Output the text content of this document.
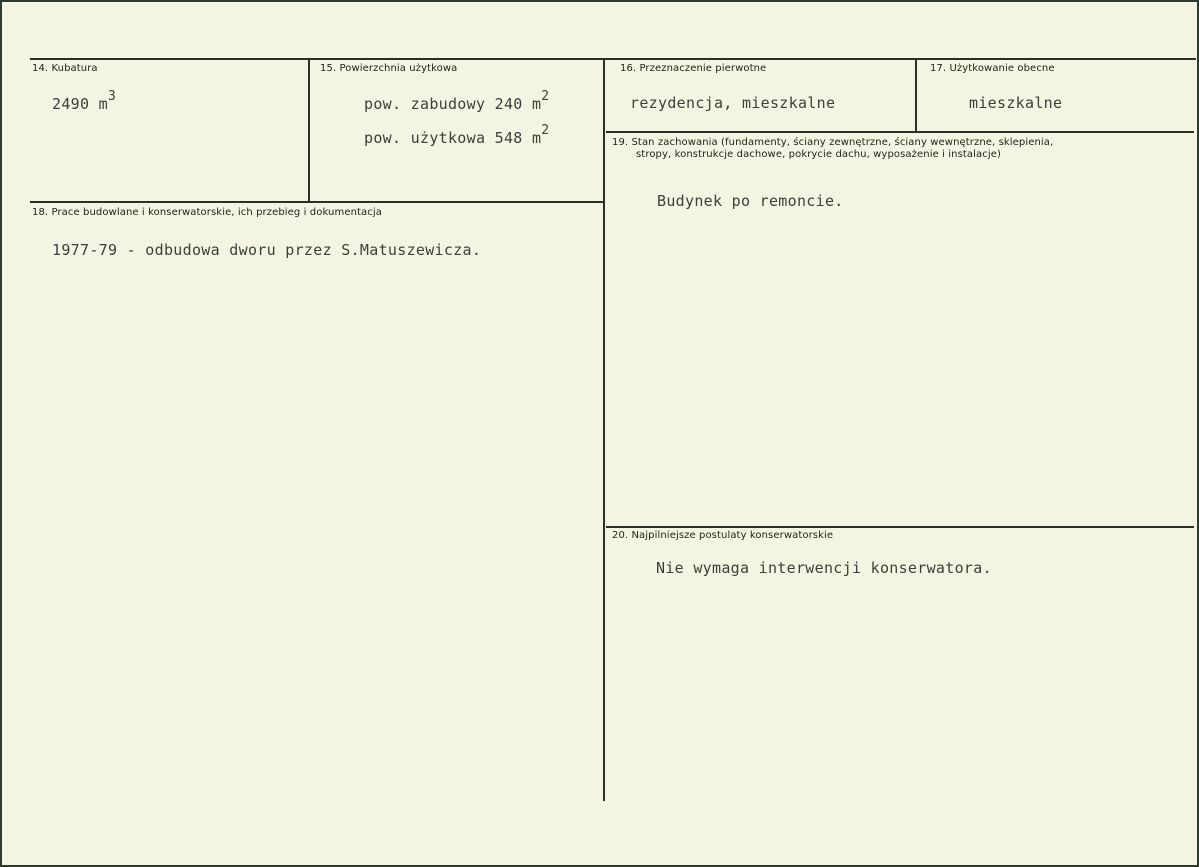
14. Kubatura
2490 $m^3$
15. Powierzchnia użytkowa
pow. zabudowy 240 $m^2$
pow. użytkowa 548 $m^2$
16. Przeznaczenie pierwotne
rezydencja, mieszkalne
17. Użytkowanie obecne
mieszkalne
18. Prace budowlane i konserwatorskie, ich przebieg i dokumentacja
1977-79 - odbudowa dworu przez S.Matuszewicza.
19. Stan zachowania (fundamenty, ściany zewnętrzne, ściany wewnętrzne, sklepienia,
stropy, konstrukcje dachowe, pokrycie dachu, wyposażenie i instalacje)
Budynek po remoncie.
20. Najpilniejsze postulaty konserwatorskie
Nie wymaga interwencji konserwatora.
